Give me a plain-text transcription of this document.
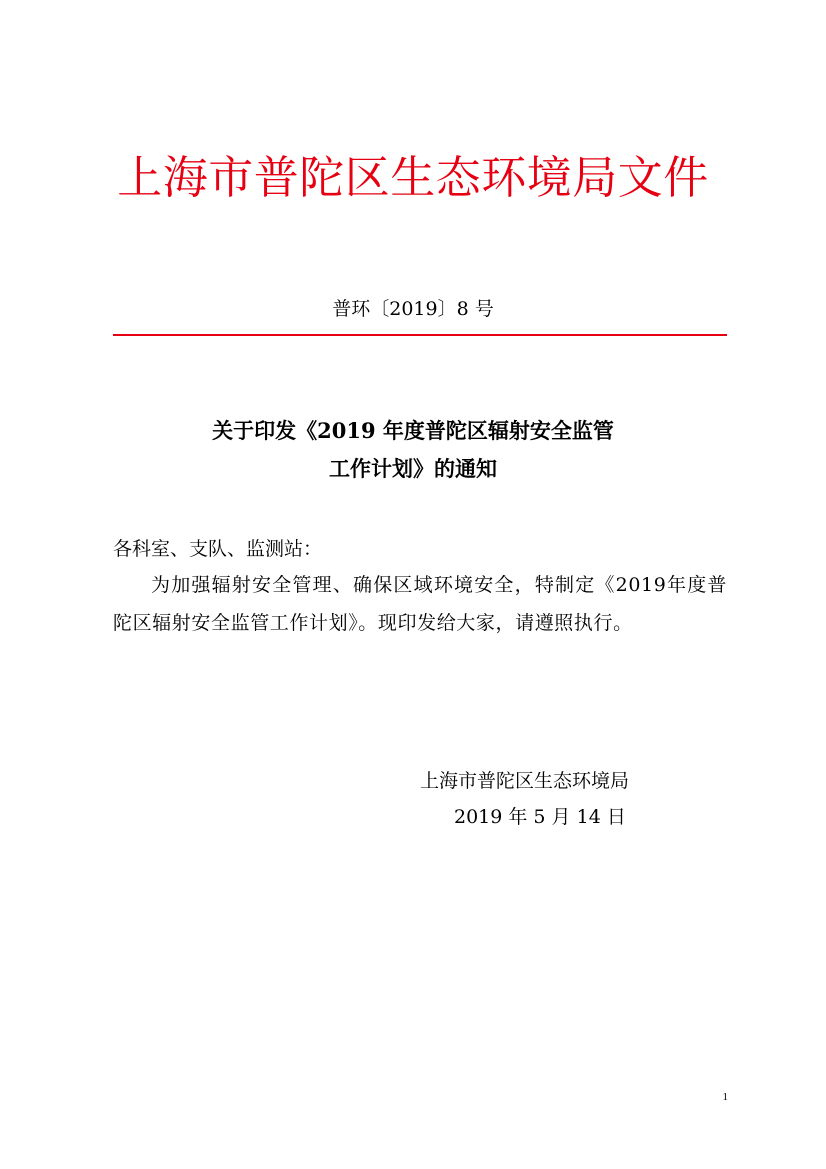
上海市普陀区生态环境局文件
普环〔2019〕8 号
关于印发《2019 年度普陀区辐射安全监管
工作计划》的通知
各科室、支队、监测站：
为加强辐射安全管理、确保区域环境安全，特制定《2019年度普陀区辐射安全监管工作计划》。现印发给大家，请遵照执行。
上海市普陀区生态环境局
2019 年 5 月 14 日
1
